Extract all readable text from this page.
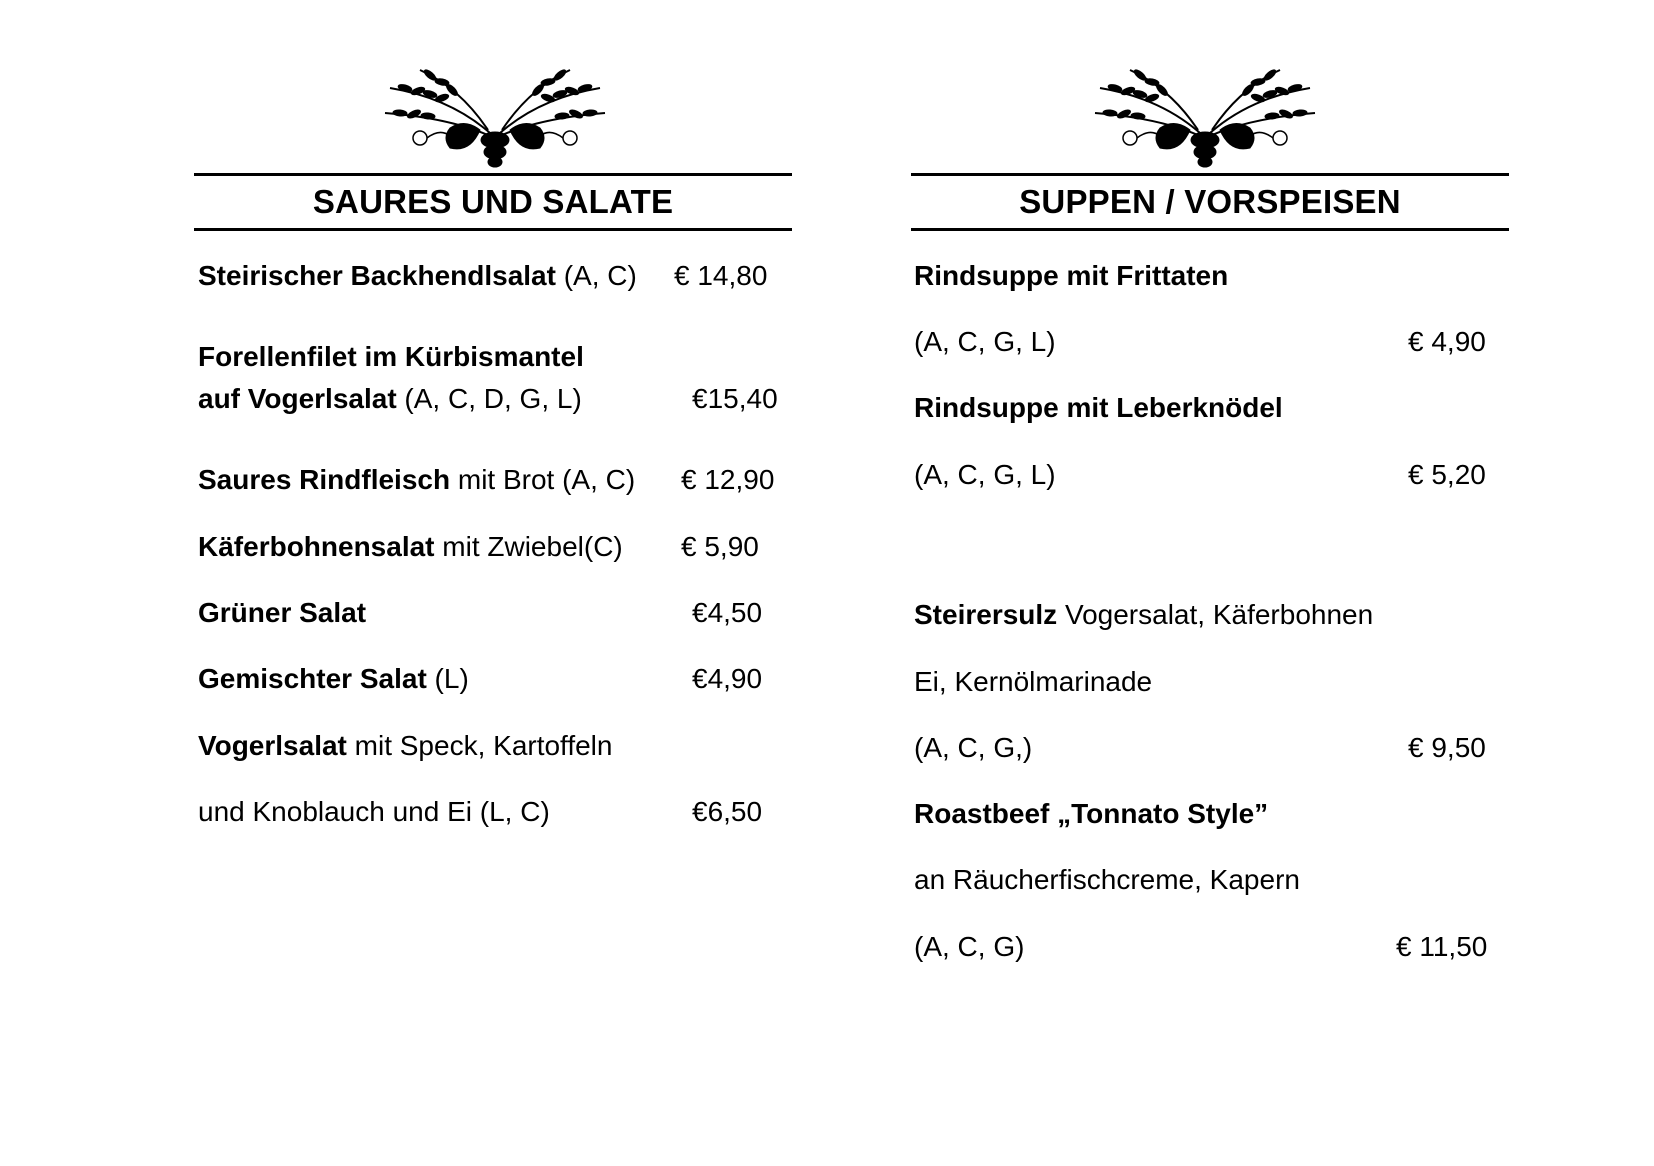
SAURES UND SALATE	SUPPEN / VORSPEISEN
Steirischer Backhendlsalat (A, C) € 14,80
Forellenfilet im Kürbismantel
auf Vogerlsalat (A, C, D, G, L)	€15,40
Saures Rindfleisch mit Brot (A, C) € 12,90
Käferbohnensalat mit Zwiebel(C) € 5,90
Grüner Salat	€4,50
Gemischter Salat (L)	€4,90
Vogerlsalat mit Speck, Kartoffeln
und Knoblauch und Ei (L, C)	€6,50
Rindsuppe mit Frittaten
(A, C, G, L)	€ 4,90
Rindsuppe mit Leberknödel
(A, C, G, L)	€ 5,20
Steirersulz Vogersalat, Käferbohnen
Ei, Kernölmarinade
(A, C, G,)	€ 9,50
Roastbeef „Tonnato Style”
an Räucherfischcreme, Kapern
(A, C, G)	€ 11,50
